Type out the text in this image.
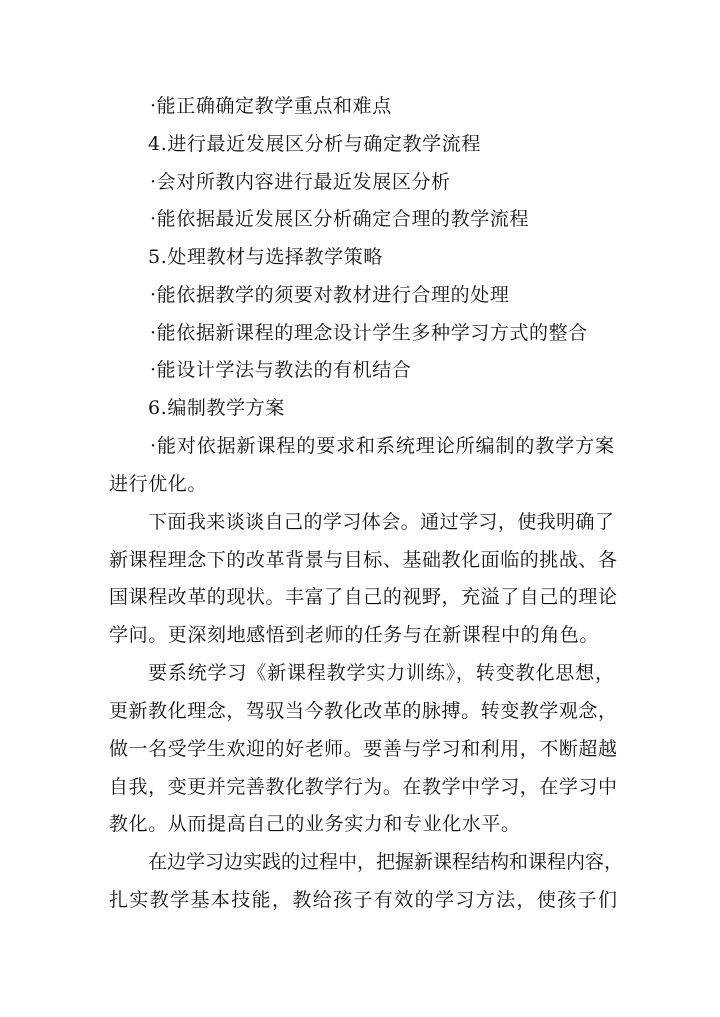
·能正确确定教学重点和难点
4.进行最近发展区分析与确定教学流程
·会对所教内容进行最近发展区分析
·能依据最近发展区分析确定合理的教学流程
5.处理教材与选择教学策略
·能依据教学的须要对教材进行合理的处理
·能依据新课程的理念设计学生多种学习方式的整合
·能设计学法与教法的有机结合
6.编制教学方案
·能对依据新课程的要求和系统理论所编制的教学方案
进行优化。
下面我来谈谈自己的学习体会。通过学习，使我明确了
新课程理念下的改革背景与目标、基础教化面临的挑战、各
国课程改革的现状。丰富了自己的视野，充溢了自己的理论
学问。更深刻地感悟到老师的任务与在新课程中的角色。
要系统学习《新课程教学实力训练》，转变教化思想，
更新教化理念，驾驭当今教化改革的脉搏。转变教学观念，
做一名受学生欢迎的好老师。要善与学习和利用，不断超越
自我，变更并完善教化教学行为。在教学中学习，在学习中
教化。从而提高自己的业务实力和专业化水平。
在边学习边实践的过程中，把握新课程结构和课程内容，
扎实教学基本技能，教给孩子有效的学习方法，使孩子们
